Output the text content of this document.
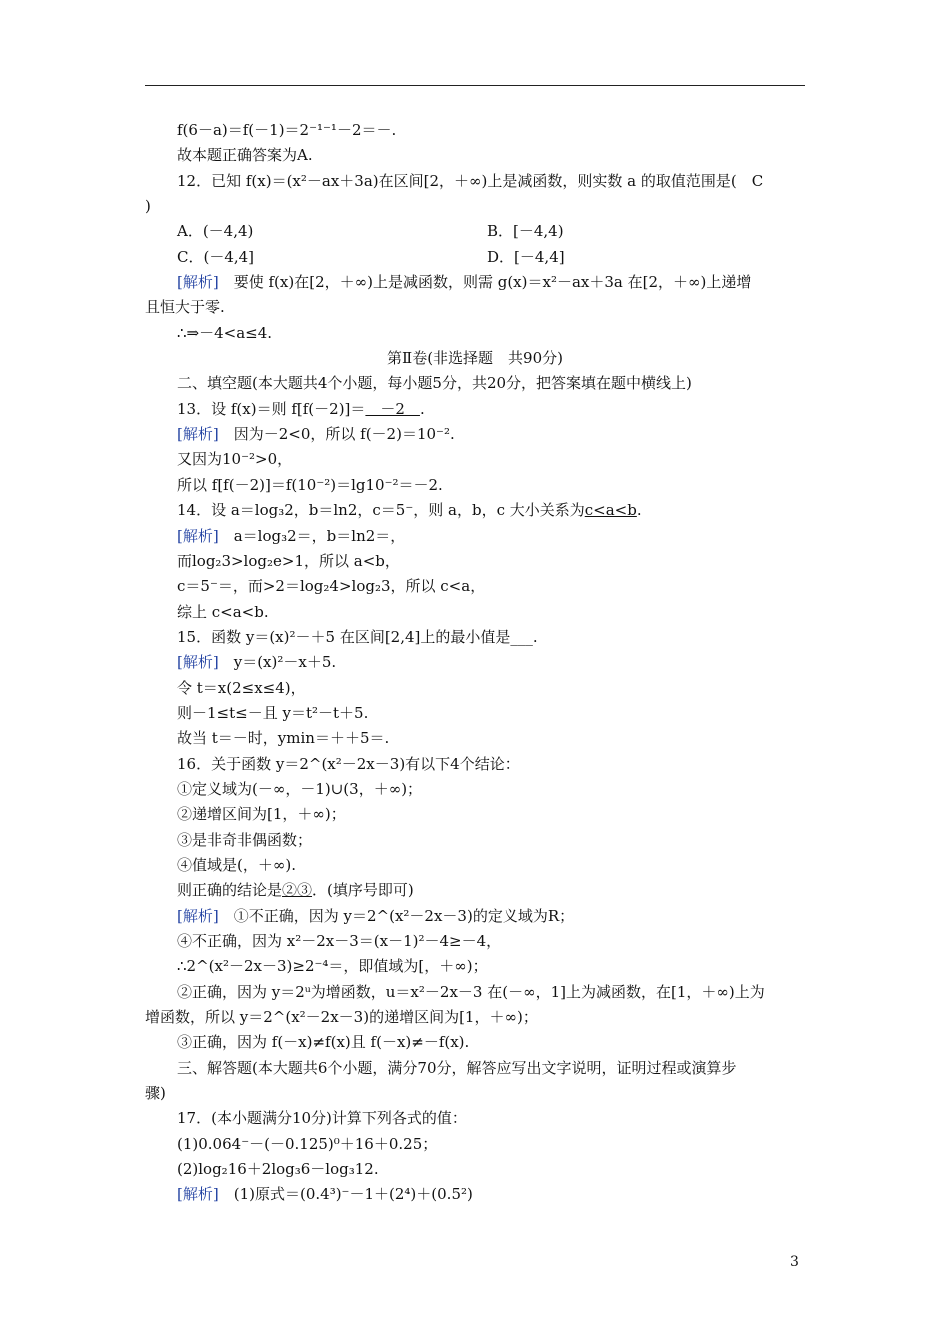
f(6－a)＝f(－1)＝2⁻¹⁻¹－2＝－.
故本题正确答案为A.
12．已知 f(x)＝(x²－ax＋3a)在区间[2，＋∞)上是减函数，则实数 a 的取值范围是(　C
)
A．(－4,4)	B．[－4,4)
C．(－4,4]	D．[－4,4]
[解析]　 要使 f(x)在[2，＋∞)上是减函数，则需 g(x)＝x²－ax＋3a 在[2，＋∞)上递增
且恒大于零.
∴⇒－4<a≤4.
第Ⅱ卷(非选择题　共90分)
二、填空题(本大题共4个小题，每小题5分，共20分，把答案填在题中横线上)
13．设 f(x)＝则 f[f(－2)]＝　－2　.
[解析]　 因为－2<0，所以 f(－2)＝10⁻².
又因为10⁻²>0，
所以 f[f(－2)]＝f(10⁻²)＝lg10⁻²＝－2.
14．设 a＝log₃2，b＝ln2，c＝5⁻，则 a，b，c 大小关系为c<a<b.
[解析]　 a＝log₃2＝，b＝ln2＝，
而log₂3>log₂e>1，所以 a<b，
c＝5⁻＝，而>2＝log₂4>log₂3，所以 c<a，
综上 c<a<b.
15．函数 y＝(x)²－＋5 在区间[2,4]上的最小值是___.
[解析]　 y＝(x)²－x＋5.
令 t＝x(2≤x≤4)，
则－1≤t≤－且 y＝t²－t＋5.
故当 t＝－时，ymin＝＋＋5＝.
16．关于函数 y＝2^(x²－2x－3)有以下4个结论：
①定义域为(－∞，－1)∪(3，＋∞)；
②递增区间为[1，＋∞)；
③是非奇非偶函数；
④值域是(，＋∞).
则正确的结论是②③．(填序号即可)
[解析]　 ①不正确，因为 y＝2^(x²－2x－3)的定义域为R；
④不正确，因为 x²－2x－3＝(x－1)²－4≥－4，
∴2^(x²－2x－3)≥2⁻⁴＝，即值域为[，＋∞)；
②正确，因为 y＝2ᵘ为增函数，u＝x²－2x－3 在(－∞，1]上为减函数，在[1，＋∞)上为
增函数，所以 y＝2^(x²－2x－3)的递增区间为[1，＋∞)；
③正确，因为 f(－x)≠f(x)且 f(－x)≠－f(x).
三、解答题(本大题共6个小题，满分70分，解答应写出文字说明，证明过程或演算步
骤)
17．(本小题满分10分)计算下列各式的值：
(1)0.064⁻－(－0.125)⁰＋16＋0.25；
(2)log₂16＋2log₃6－log₃12.
[解析]　 (1)原式＝(0.4³)⁻－1＋(2⁴)＋(0.5²)
3
